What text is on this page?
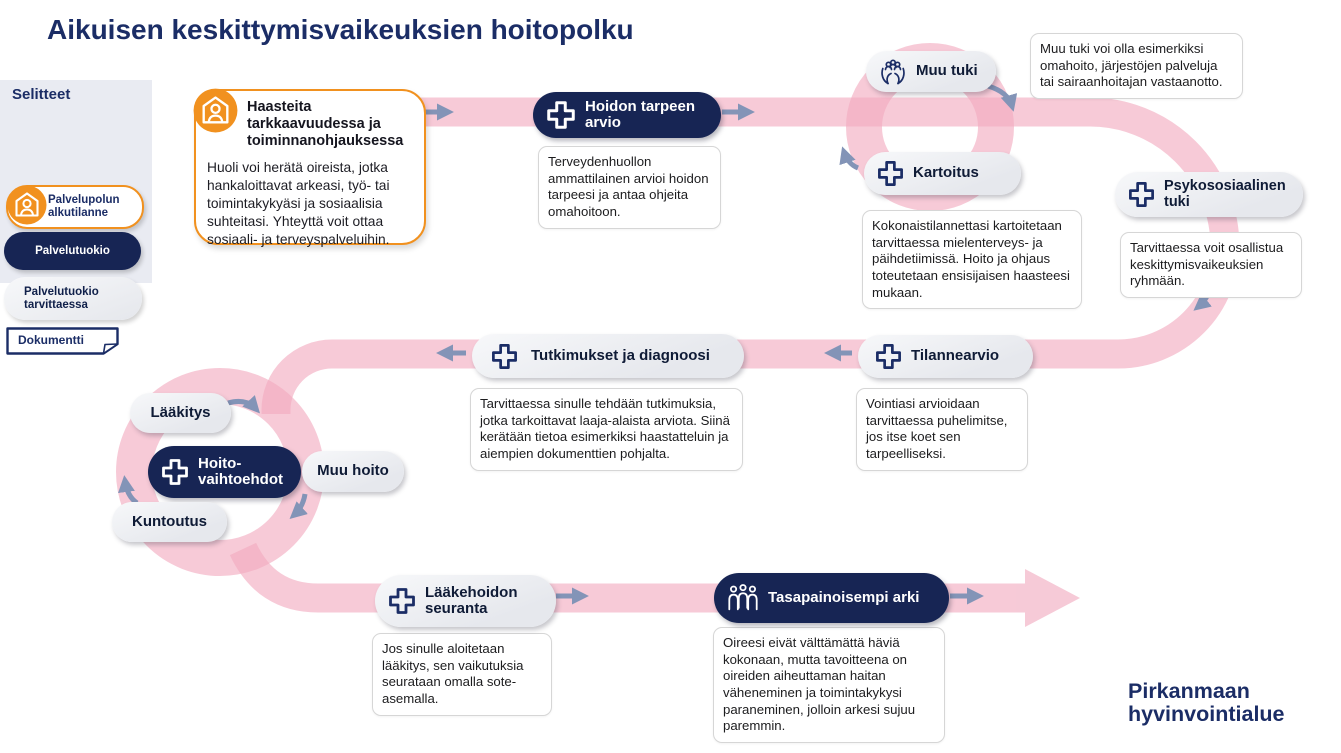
Aikuisen keskittymisvaikeuksien hoitopolku
Selitteet
Palvelupolun alkutilanne
Palvelutuokio
Palvelutuokio tarvittaessa
Dokumentti
Haasteita tarkkaavuudessa ja toiminnanohjauksessa
Huoli voi herätä oireista, jotka hankaloittavat arkeasi, työ- tai toimintakykyäsi ja sosiaalisia suhteitasi. Yhteyttä voit ottaa sosiaali- ja terveyspalveluihin.
Hoidon tarpeen arvio
Muu tuki
Kartoitus
Psykososiaalinen tuki
Tilannearvio
Tutkimukset ja diagnoosi
Lääkitys
Hoito-vaihtoehdot
Muu hoito
Kuntoutus
Lääkehoidon seuranta
Tasapainoisempi arki
Terveydenhuollon ammattilainen arvioi hoidon tarpeesi ja antaa ohjeita omahoitoon.
Muu tuki voi olla esimerkiksi omahoito, järjestöjen palveluja tai sairaanhoitajan vastaanotto.
Kokonaistilannettasi kartoitetaan tarvittaessa mielenterveys- ja päihdetiimissä. Hoito ja ohjaus toteutetaan ensisijaisen haasteesi mukaan.
Tarvittaessa voit osallistua keskittymisvaikeuksien ryhmään.
Vointiasi arvioidaan tarvittaessa puhelimitse, jos itse koet sen tarpeelliseksi.
Tarvittaessa sinulle tehdään tutkimuksia, jotka tarkoittavat laaja-alaista arviota. Siinä kerätään tietoa esimerkiksi haastatteluin ja aiempien dokumenttien pohjalta.
Jos sinulle aloitetaan lääkitys, sen vaikutuksia seurataan omalla sote-asemalla.
Oireesi eivät välttämättä häviä kokonaan, mutta tavoitteena on oireiden aiheuttaman haitan väheneminen ja toimintakykysi paraneminen, jolloin arkesi sujuu paremmin.
Pirkanmaan hyvinvointialue
